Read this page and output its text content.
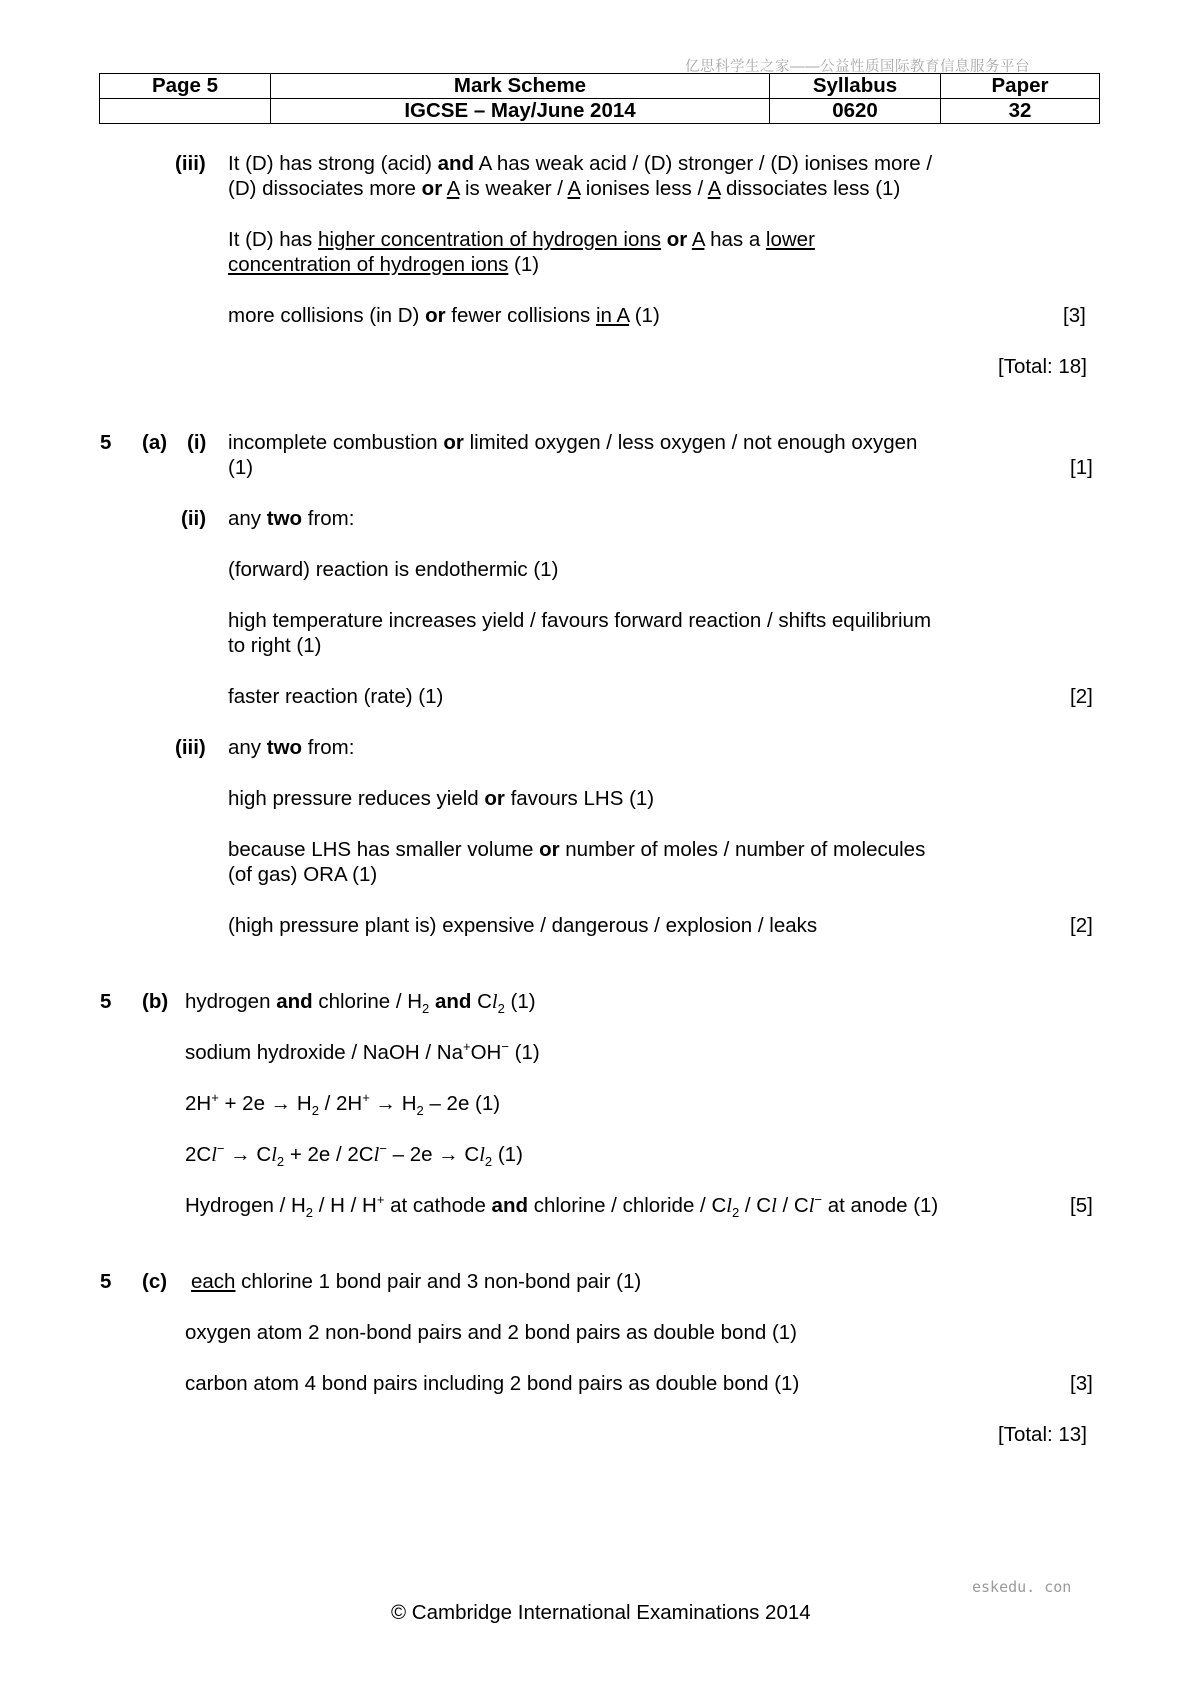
亿思科学生之家——公益性质国际教育信息服务平台
Page 5	Mark Scheme	Syllabus	Paper
	IGCSE – May/June 2014	0620	32
(iii) It (D) has strong (acid) and A has weak acid / (D) stronger / (D) ionises more /
(D) dissociates more or A is weaker / A ionises less / A dissociates less (1)
It (D) has higher concentration of hydrogen ions or A has a lower
concentration of hydrogen ions (1)
more collisions (in D) or fewer collisions in A (1)	[3]
[Total: 18]
5 (a) (i) incomplete combustion or limited oxygen / less oxygen / not enough oxygen
(1)	[1]
(ii) any two from:
(forward) reaction is endothermic (1)
high temperature increases yield / favours forward reaction / shifts equilibrium
to right (1)
faster reaction (rate) (1)	[2]
(iii) any two from:
high pressure reduces yield or favours LHS (1)
because LHS has smaller volume or number of moles / number of molecules
(of gas) ORA (1)
(high pressure plant is) expensive / dangerous / explosion / leaks	[2]
5 (b) hydrogen and chlorine / $H_2$ and $Cl_2$ (1)
sodium hydroxide / NaOH / Na+OH− (1)
$2H^+ + 2e \to H_2 / 2H^+ \to H_2 - 2e$ (1)
$2Cl^- \to Cl_2 + 2e / 2Cl^- - 2e \to Cl_2$ (1)
Hydrogen / $H_2$ / H / H+ at cathode and chlorine / chloride / $Cl_2$ / Cl / Cl− at anode (1)	[5]
5 (c) each chlorine 1 bond pair and 3 non-bond pair (1)
oxygen atom 2 non-bond pairs and 2 bond pairs as double bond (1)
carbon atom 4 bond pairs including 2 bond pairs as double bond (1)	[3]
[Total: 13]
eskedu. con
© Cambridge International Examinations 2014
